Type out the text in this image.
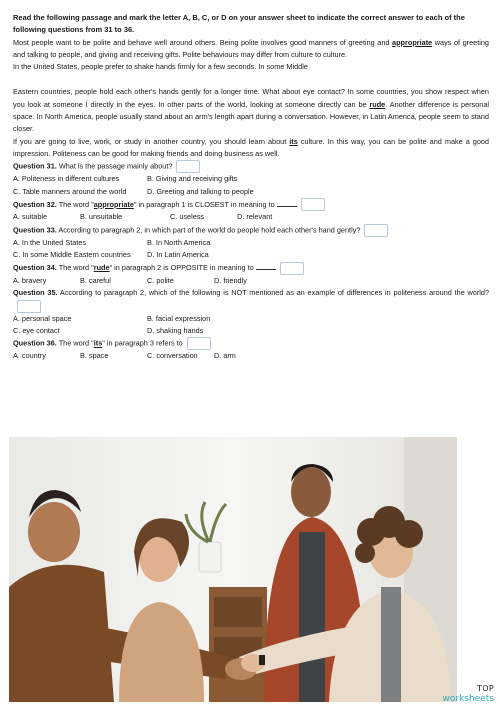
Read the following passage and mark the letter A, B, C, or D on your answer sheet to indicate the correct answer to each of the following questions from 31 to 36.

Most people want to be polite and behave well around others. Being polite involves good manners of greeting and appropriate ways of greeting and talking to people, and giving and receiving gifts. Polite behaviours may differ from culture to culture.

In the United States, people prefer to shake hands firmly for a few seconds. In some Middle

Eastern countries, people hold each other's hands gently for a longer time. What about eye contact? In some countries, you show respect when you look at someone Í directly in the eyes. In other parts of the world, looking at someone directly can be rude. Another difference is personal space. In North America, people usually stand about an arm's length apart during a conversation. However, in Latin America, people seem to stand closer.

If you are going to live, work, or study in another country, you should learn about its culture. In this way, you can be polite and make a good impression. Politeness can be good for making friends and doing business as well.

Question 31. What is the passage mainly about?

A. Politeness in different cultures	B. Giving and receiving gifts
C. Table manners around the world	D. Greeting and talking to people

Question 32. The word "appropriate" in paragraph 1 is CLOSEST in meaning to

A. suitable	B. unsuitable	C. useless	D. relevant

Question 33. According to paragraph 2, in which part of the world do people hold each other's hand gently?

A. In the United States	B. In North America
C. In some Middle Eastern countries	D. In Latin America

Question 34. The word "rude" in paragraph 2 is OPPOSITE in meaning to

A. bravery	B. careful	C. polite	D. friendly

Question 35. According to paragraph 2, which of the following is NOT mentioned as an example of differences in politeness around the world?

A. personal space	B. facial expression
C. eye contact	D. shaking hands

Question 36. The word "its" in paragraph 3 refers to

A. country	B. space	C. conversation	D. arm
TOP
worksheets
